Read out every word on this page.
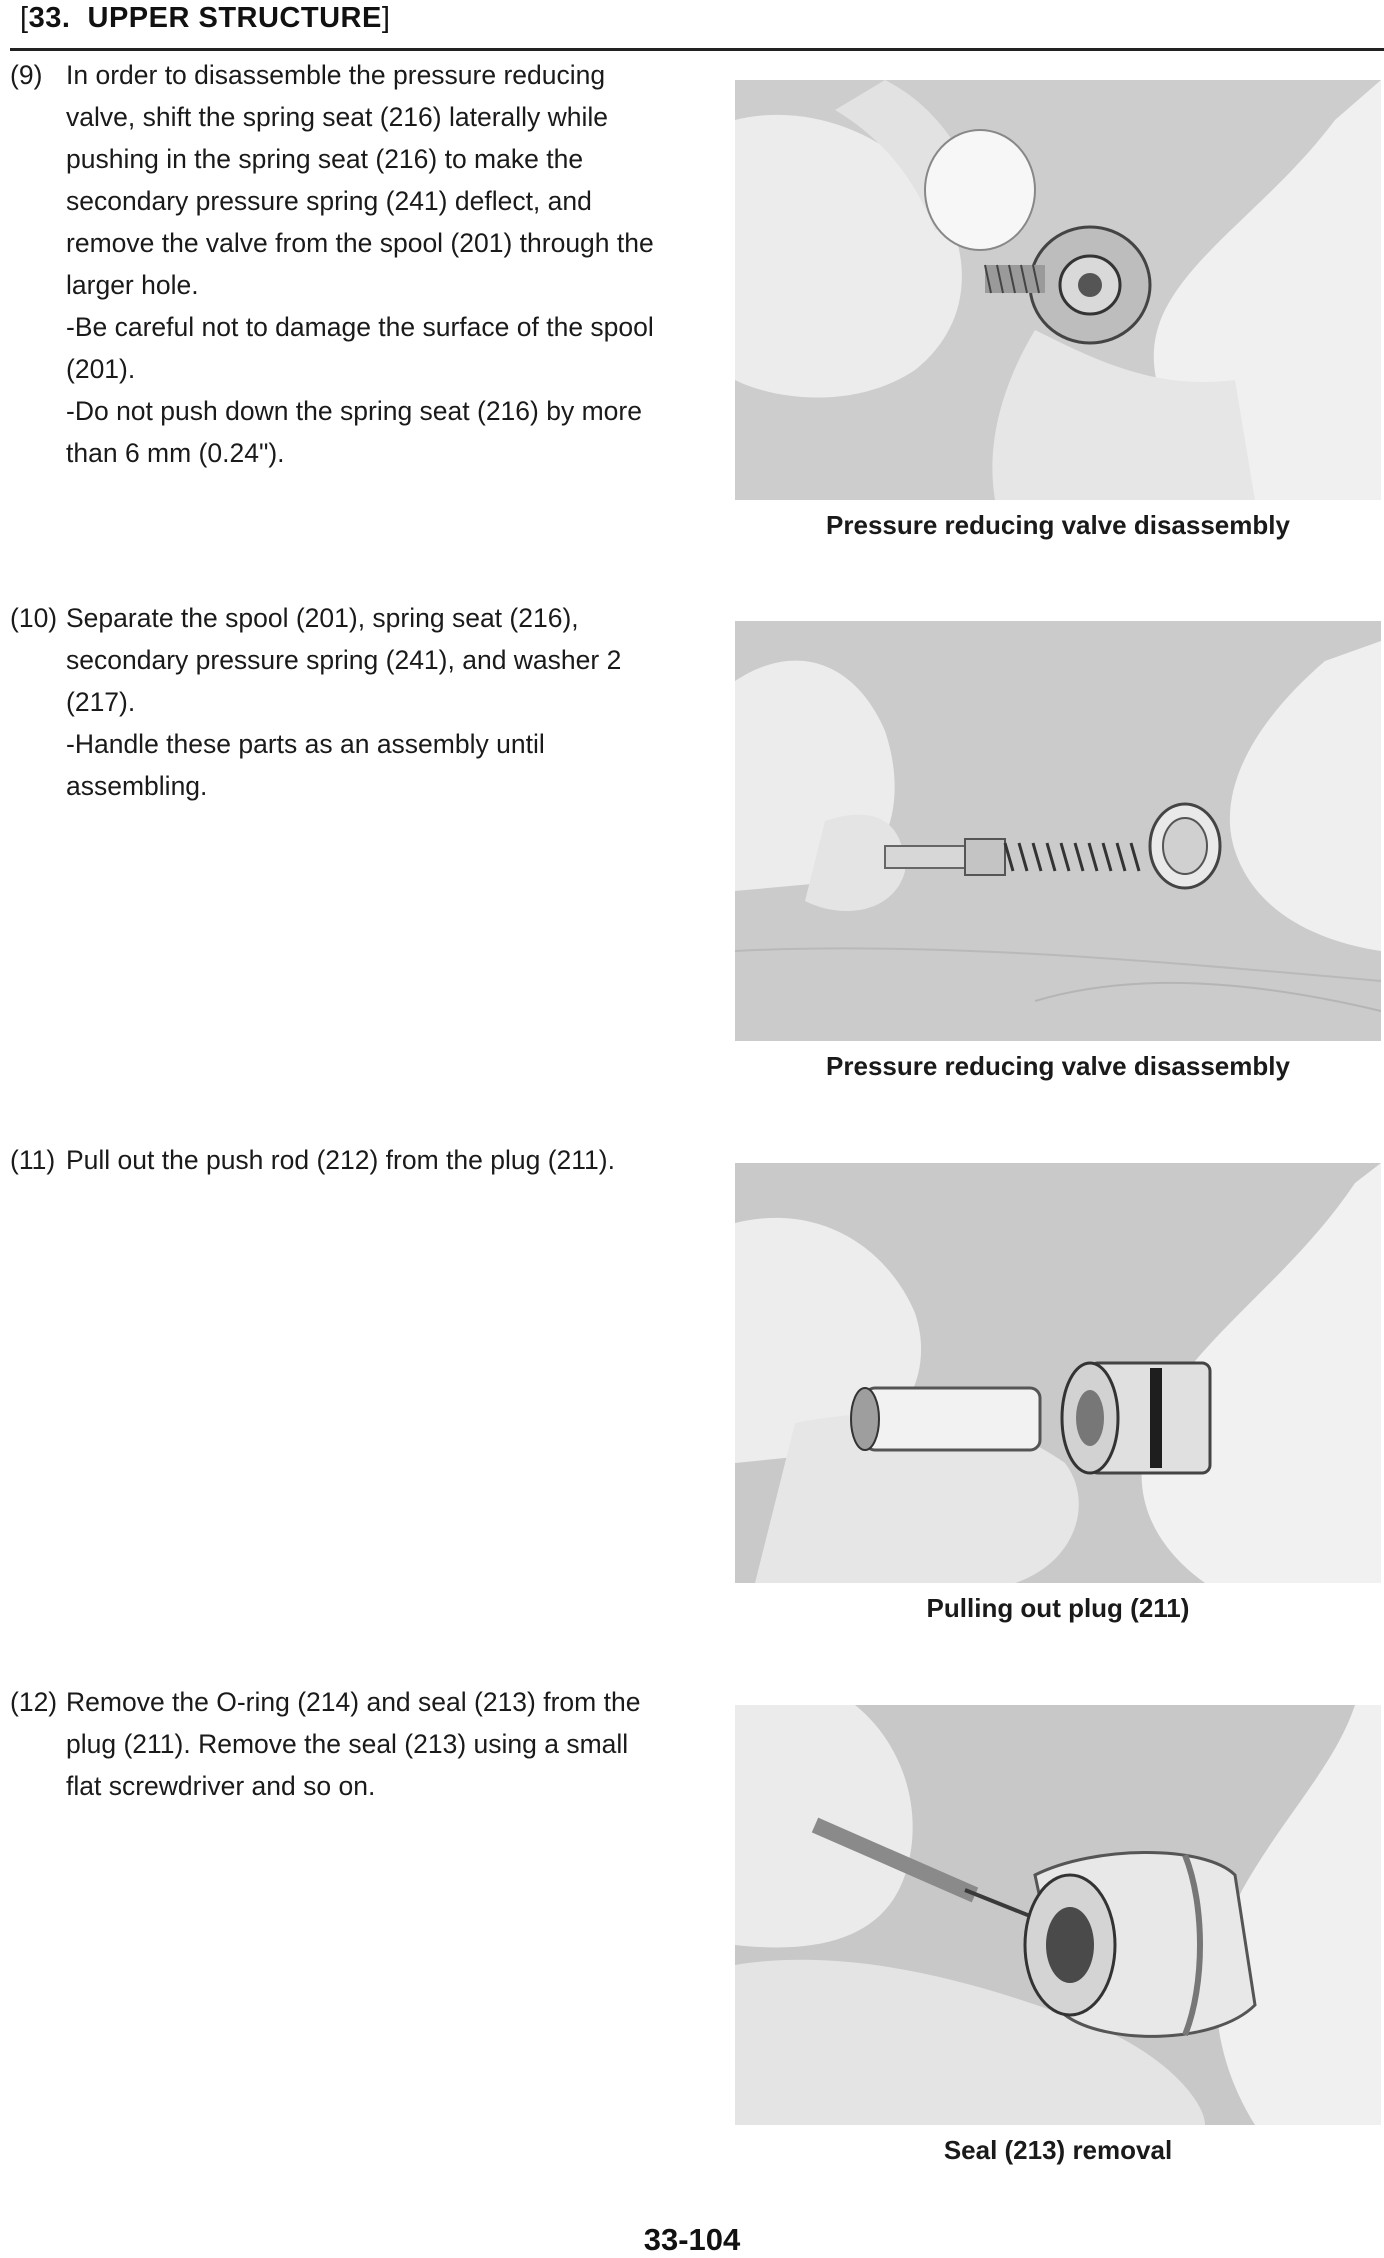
[33. UPPER STRUCTURE]
(9) In order to disassemble the pressure reducing valve, shift the spring seat (216) laterally while pushing in the spring seat (216) to make the secondary pressure spring (241) deflect, and remove the valve from the spool (201) through the larger hole.

-Be careful not to damage the surface of the spool (201).

-Do not push down the spring seat (216) by more than 6 mm (0.24").

Pressure reducing valve disassembly
(10) Separate the spool (201), spring seat (216), secondary pressure spring (241), and washer 2 (217).

-Handle these parts as an assembly until assembling.

Pressure reducing valve disassembly
(11) Pull out the push rod (212) from the plug (211).

Pulling out plug (211)
(12) Remove the O-ring (214) and seal (213) from the plug (211). Remove the seal (213) using a small flat screwdriver and so on.

Seal (213) removal
33-104
